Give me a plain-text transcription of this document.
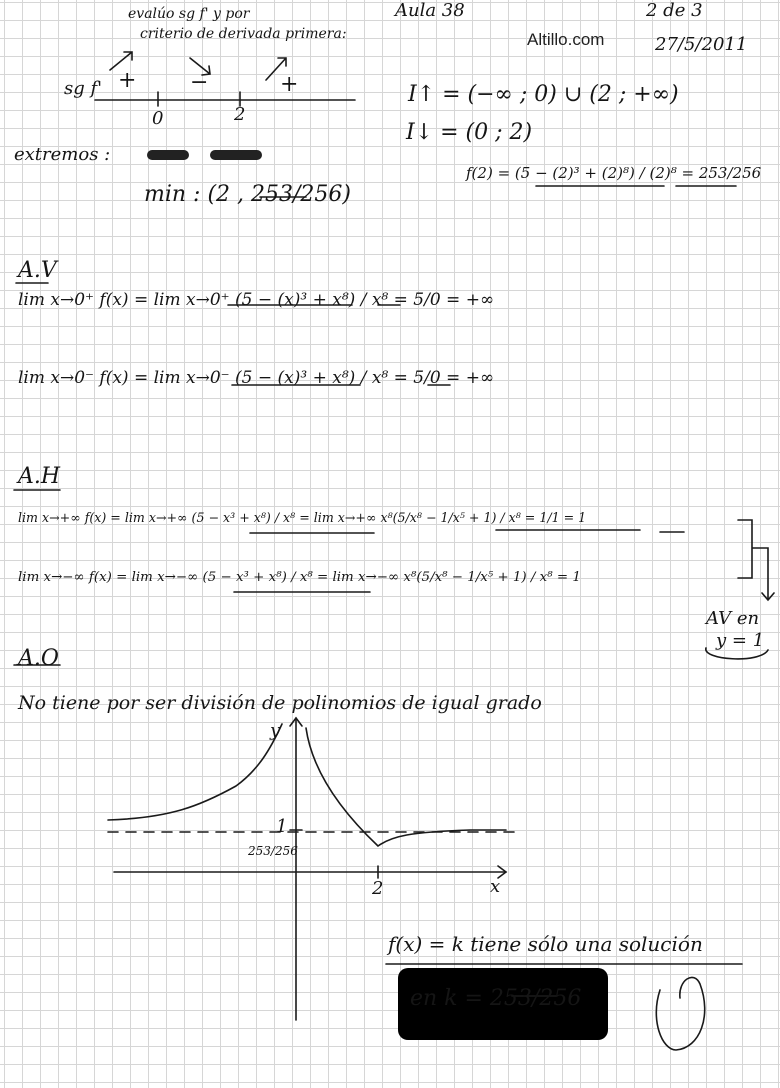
evalúo sg f' y por
criterio de derivada primera:
Aula 38	2 de 3
Altillo.com	27/5/2011
sg f' + −	+
0	2
I↑ = (−∞ ; 0) ∪ (2 ; +∞)
I↓ = (0 ; 2)
extremos :
min : (2 , 253/256)
f(2) = (5 − (2)³ + (2)⁸) / (2)⁸ = 253/256
A.V
lim x→0⁺ f(x) = lim x→0⁺ (5 − (x)³ + x⁸) / x⁸ = 5/0 = +∞
lim x→0⁻ f(x) = lim x→0⁻ (5 − (x)³ + x⁸) / x⁸ = 5/0 = +∞
A.H
lim x→+∞ f(x) = lim x→+∞ (5 − x³ + x⁸) / x⁸ = lim x→+∞ x⁸(5/x⁸ − 1/x⁵ + 1) / x⁸ = 1/1 = 1
lim x→−∞ f(x) = lim x→−∞ (5 − x³ + x⁸) / x⁸ = lim x→−∞ x⁸(5/x⁸ − 1/x⁵ + 1) / x⁸ = 1
AV en
y = 1
A.O
No tiene por ser división de polinomios de igual grado
y
x
1
253/256
2
f(x) = k tiene sólo una solución
en k = 253/256
